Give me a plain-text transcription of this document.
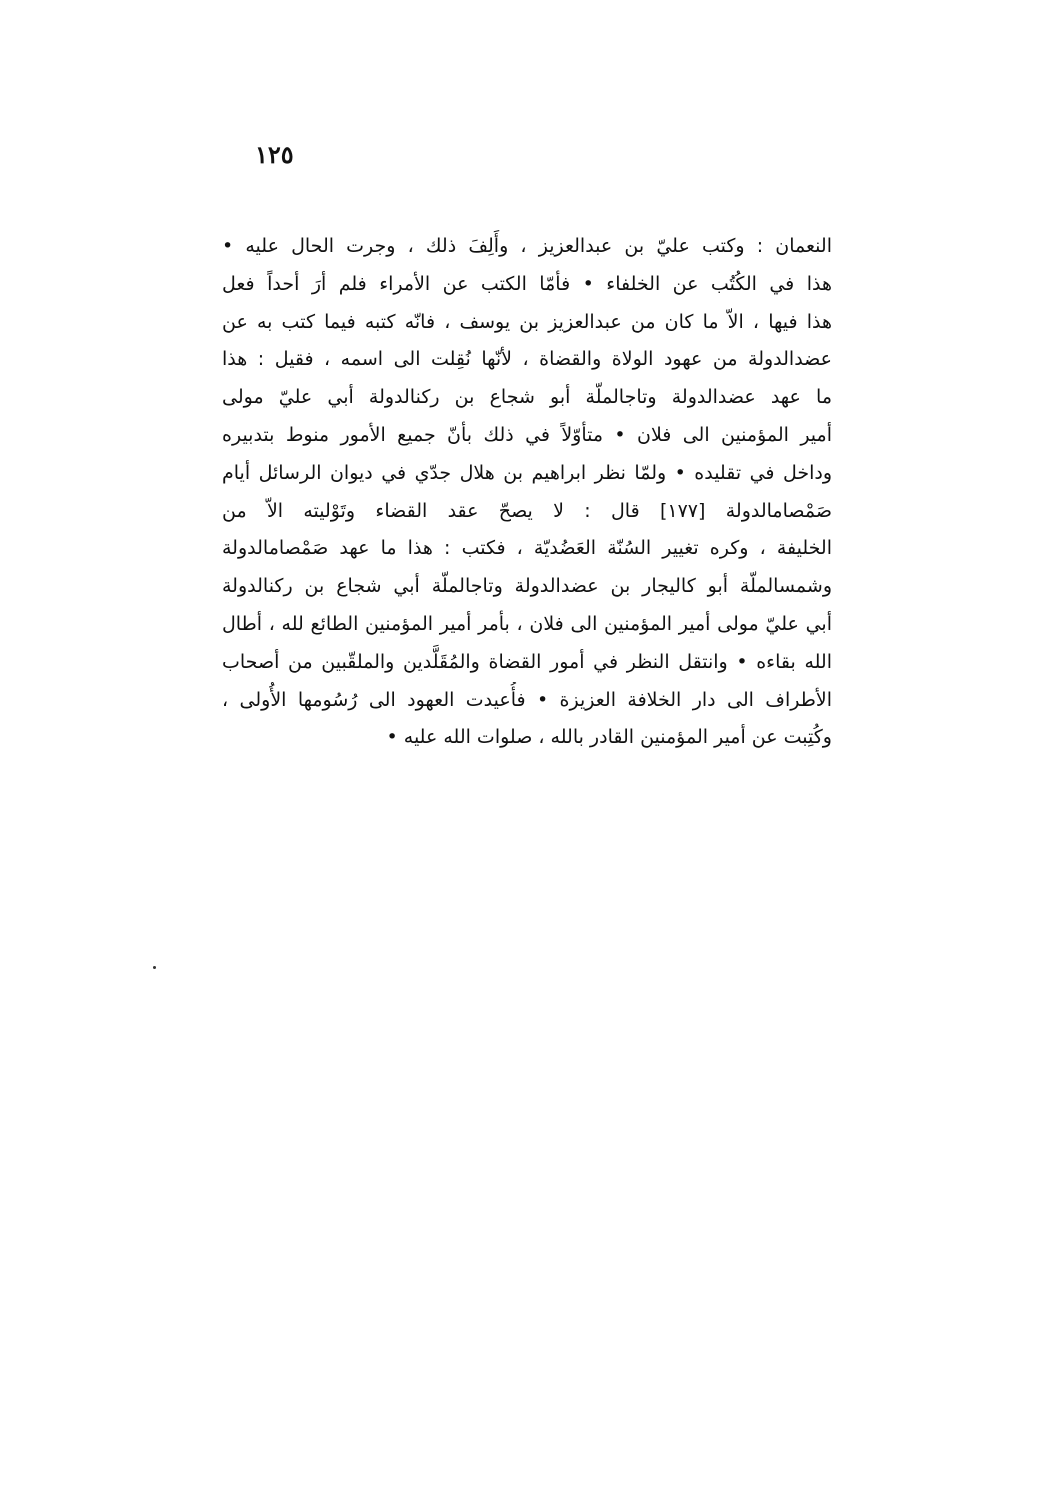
١٢٥
النعمان : وكتب عليّ بن عبدالعزيز ، وأَلِفَ ذلك ، وجرت الحال عليه •
هذا في الكُتُب عن الخلفاء • فأمّا الكتب عن الأمراء فلم أرَ أحداً فعل
هذا فيها ، الاّ ما كان من عبدالعزيز بن يوسف ، فانّه كتبه فيما كتب به عن
عضدالدولة من عهود الولاة والقضاة ، لأنّها نُقِلت الى اسمه ، فقيل : هذا
ما عهد عضدالدولة وتاجالملّة أبو شجاع بن ركنالدولة أبي عليّ مولى
أمير المؤمنين الى فلان • متأوّلاً في ذلك بأنّ جميع الأمور منوط بتدبيره
وداخل في تقليده • ولمّا نظر ابراهيم بن هلال جدّي في ديوان الرسائل أيام
صَمْصامالدولة [١٧٧] قال : لا يصحّ عقد القضاء وتَوْليته الاّ من
الخليفة ، وكره تغيير السُنّة العَضُديّة ، فكتب : هذا ما عهد صَمْصامالدولة
وشمسالملّة أبو كاليجار بن عضدالدولة وتاجالملّة أبي شجاع بن ركنالدولة
أبي عليّ مولى أمير المؤمنين الى فلان ، بأمر أمير المؤمنين الطائع لله ، أطال
الله بقاءه • وانتقل النظر في أمور القضاة والمُقَلَّدين والملقّبين من أصحاب
الأطراف الى دار الخلافة العزيزة • فأُعيدت العهود الى رُسُومها الأُولى ،
وكُتِبت عن أمير المؤمنين القادر بالله ، صلوات الله عليه •
